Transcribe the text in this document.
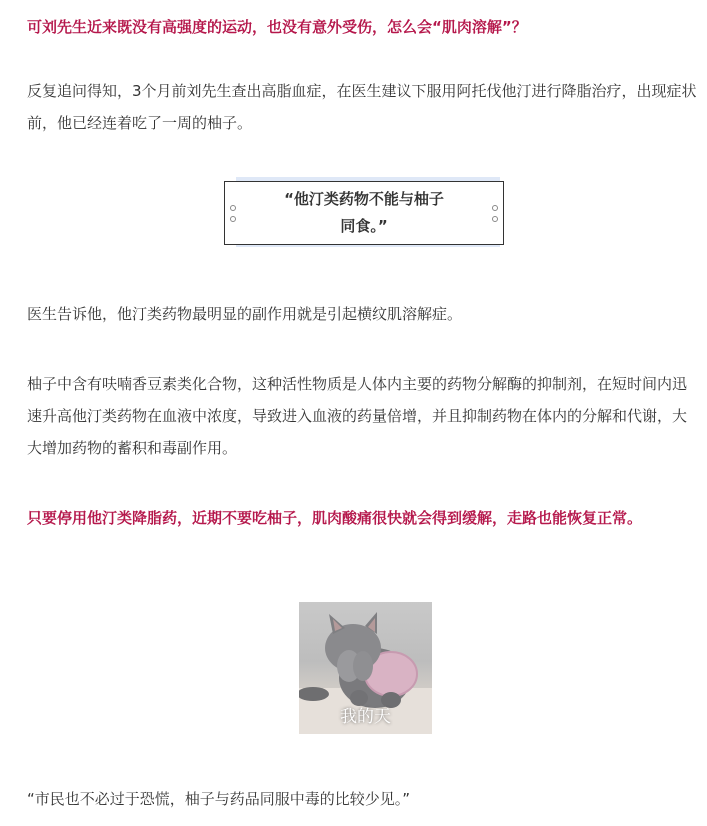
可刘先生近来既没有高强度的运动，也没有意外受伤，怎么会“肌肉溶解”？

反复追问得知，3个月前刘先生查出高脂血症，在医生建议下服用阿托伐他汀进行降脂治疗，出现症状前，他已经连着吃了一周的柚子。

“他汀类药物不能与柚子
同食。”

医生告诉他，他汀类药物最明显的副作用就是引起横纹肌溶解症。

柚子中含有呋喃香豆素类化合物，这种活性物质是人体内主要的药物分解酶的抑制剂，在短时间内迅速升高他汀类药物在血液中浓度，导致进入血液的药量倍增，并且抑制药物在体内的分解和代谢，大大增加药物的蓄积和毒副作用。

只要停用他汀类降脂药，近期不要吃柚子，肌肉酸痛很快就会得到缓解，走路也能恢复正常。

我的天

“市民也不必过于恐慌，柚子与药品同服中毒的比较少见。”
